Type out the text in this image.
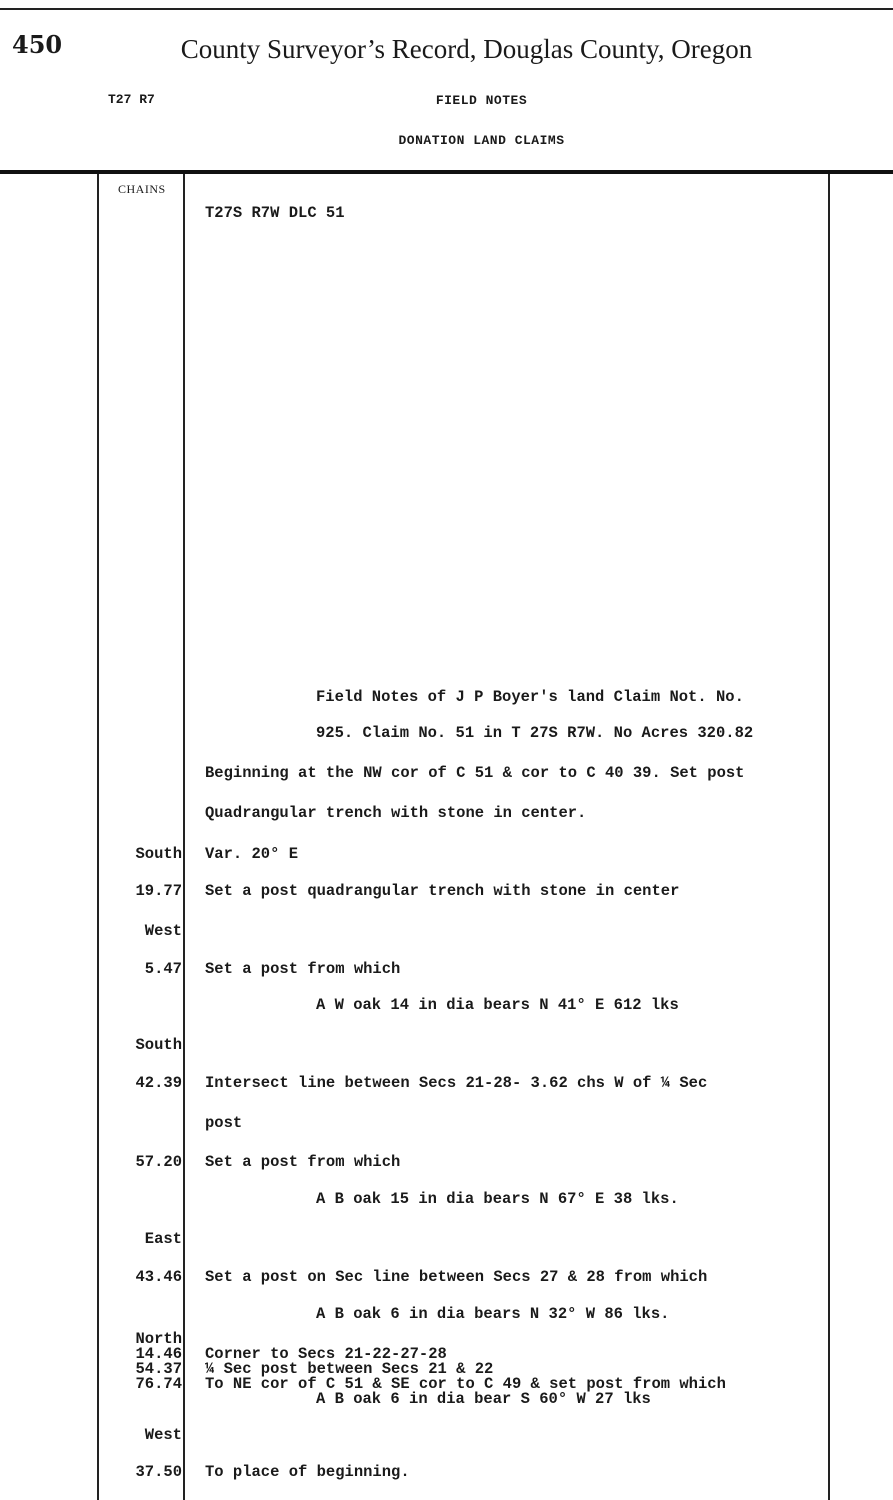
450	County Surveyor’s Record, Douglas County, Oregon
T27 R7	FIELD NOTES
DONATION LAND CLAIMS
CHAINS
T27S R7W DLC 51
Field Notes of J P Boyer's land Claim Not. No.
925. Claim No. 51 in T 27S R7W. No Acres 320.82
Beginning at the NW cor of C 51 & cor to C 40 39. Set post
Quadrangular trench with stone in center.
South Var. 20° E
19.77 Set a post quadrangular trench with stone in center
West
5.47 Set a post from which
A W oak 14 in dia bears N 41° E 612 lks
South
42.39 Intersect line between Secs 21-28- 3.62 chs W of ¼ Sec
post
57.20 Set a post from which
A B oak 15 in dia bears N 67° E 38 lks.
East
43.46 Set a post on Sec line between Secs 27 & 28 from which
A B oak 6 in dia bears N 32° W 86 lks.
North
14.46
54.37
76.74
Corner to Secs 21-22-27-28
¼ Sec post between Secs 21 & 22
To NE cor of C 51 & SE cor to C 49 & set post from which
A B oak 6 in dia bear S 60° W 27 lks
West
37.50 To place of beginning.
